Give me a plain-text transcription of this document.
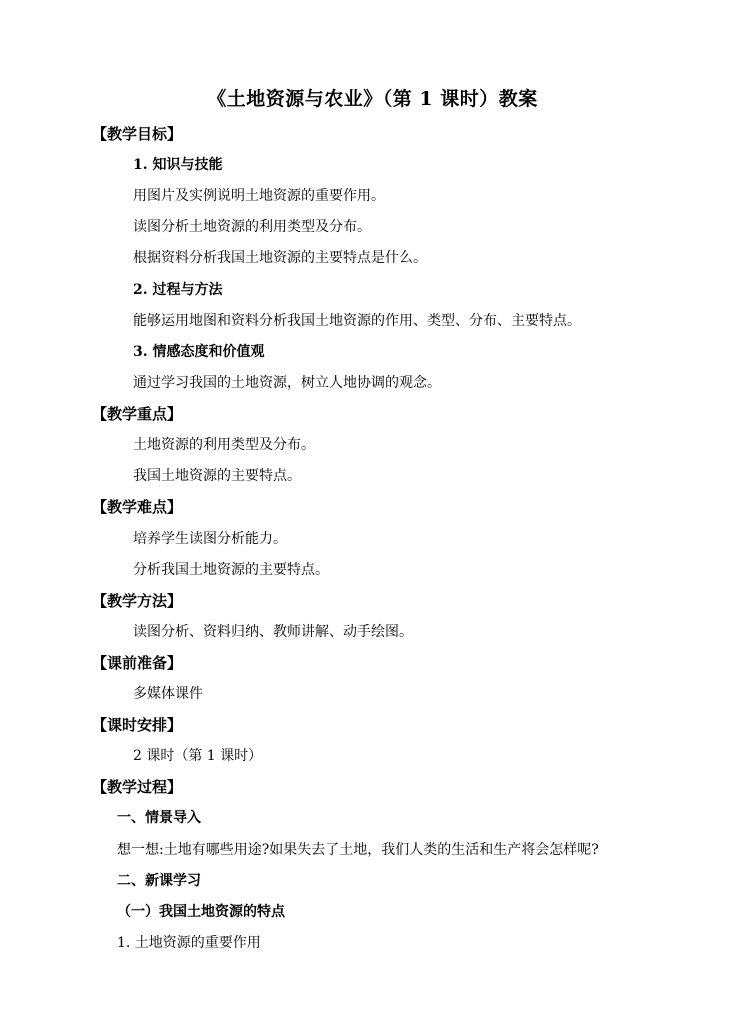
《土地资源与农业》（第 1 课时）教案
【教学目标】
1. 知识与技能
用图片及实例说明土地资源的重要作用。
读图分析土地资源的利用类型及分布。
根据资料分析我国土地资源的主要特点是什么。
2. 过程与方法
能够运用地图和资料分析我国土地资源的作用、类型、分布、主要特点。
3. 情感态度和价值观
通过学习我国的土地资源，树立人地协调的观念。
【教学重点】
土地资源的利用类型及分布。
我国土地资源的主要特点。
【教学难点】
培养学生读图分析能力。
分析我国土地资源的主要特点。
【教学方法】
读图分析、资料归纳、教师讲解、动手绘图。
【课前准备】
多媒体课件
【课时安排】
2 课时（第 1 课时）
【教学过程】
一、情景导入
想一想:土地有哪些用途?如果失去了土地，我们人类的生活和生产将会怎样呢?
二、新课学习
（一）我国土地资源的特点
1. 土地资源的重要作用
